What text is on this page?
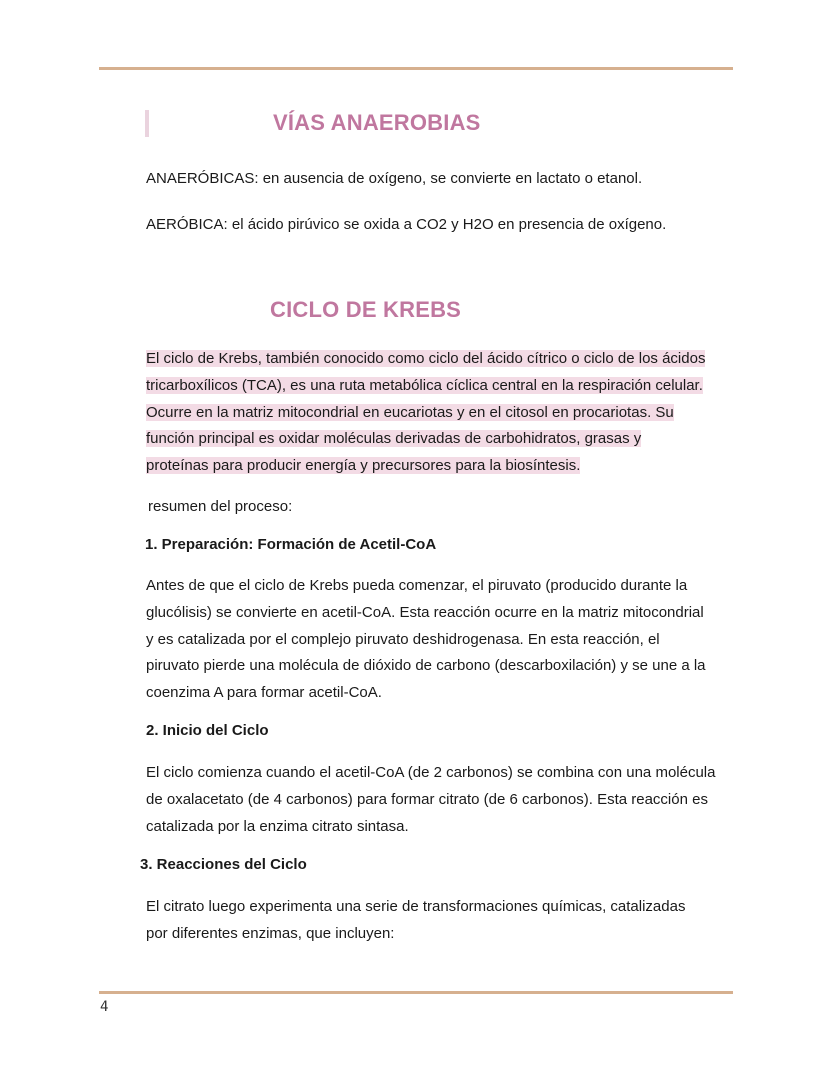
VÍAS ANAEROBIAS
ANAERÓBICAS: en ausencia de oxígeno, se convierte en lactato o etanol.
AERÓBICA: el ácido pirúvico se oxida a CO2 y H2O en presencia de oxígeno.
CICLO DE KREBS
El ciclo de Krebs, también conocido como ciclo del ácido cítrico o ciclo de los ácidos
tricarboxílicos (TCA), es una ruta metabólica cíclica central en la respiración celular.
Ocurre en la matriz mitocondrial en eucariotas y en el citosol en procariotas. Su
función principal es oxidar moléculas derivadas de carbohidratos, grasas y
proteínas para producir energía y precursores para la biosíntesis.
resumen del proceso:
1. Preparación: Formación de Acetil-CoA
Antes de que el ciclo de Krebs pueda comenzar, el piruvato (producido durante la
glucólisis) se convierte en acetil-CoA. Esta reacción ocurre en la matriz mitocondrial
y es catalizada por el complejo piruvato deshidrogenasa. En esta reacción, el
piruvato pierde una molécula de dióxido de carbono (descarboxilación) y se une a la
coenzima A para formar acetil-CoA.
2. Inicio del Ciclo
El ciclo comienza cuando el acetil-CoA (de 2 carbonos) se combina con una molécula
de oxalacetato (de 4 carbonos) para formar citrato (de 6 carbonos). Esta reacción es
catalizada por la enzima citrato sintasa.
3. Reacciones del Ciclo
El citrato luego experimenta una serie de transformaciones químicas, catalizadas
por diferentes enzimas, que incluyen:
4
